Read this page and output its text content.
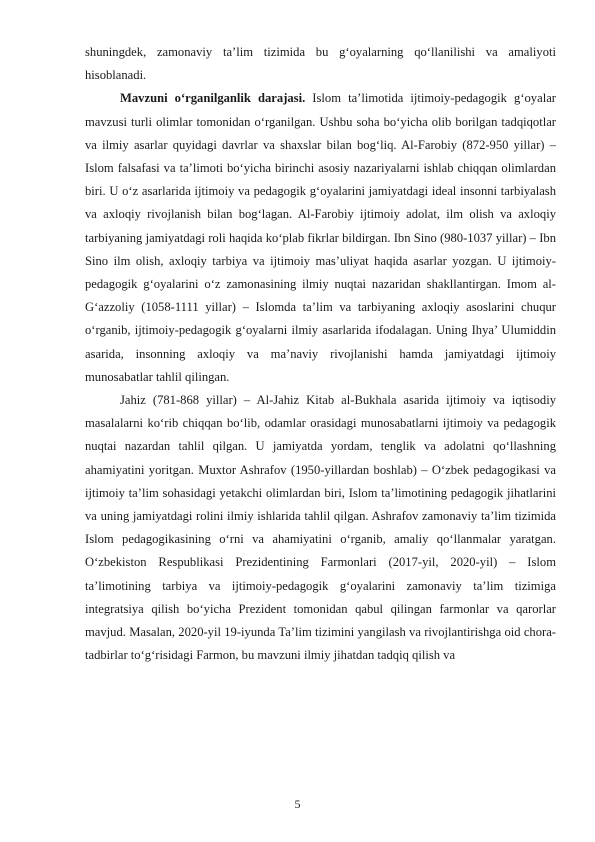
shuningdek, zamonaviy ta’lim tizimida bu g‘oyalarning qo‘llanilishi va amaliyoti hisoblanadi.

Mavzuni o‘rganilganlik darajasi. Islom ta’limotida ijtimoiy-pedagogik g‘oyalar mavzusi turli olimlar tomonidan o‘rganilgan. Ushbu soha bo‘yicha olib borilgan tadqiqotlar va ilmiy asarlar quyidagi davrlar va shaxslar bilan bog‘liq. Al-Farobiy (872-950 yillar) – Islom falsafasi va ta’limoti bo‘yicha birinchi asosiy nazariyalarni ishlab chiqqan olimlardan biri. U o‘z asarlarida ijtimoiy va pedagogik g‘oyalarini jamiyatdagi ideal insonni tarbiyalash va axloqiy rivojlanish bilan bog‘lagan. Al-Farobiy ijtimoiy adolat, ilm olish va axloqiy tarbiyaning jamiyatdagi roli haqida ko‘plab fikrlar bildirgan. Ibn Sino (980-1037 yillar) – Ibn Sino ilm olish, axloqiy tarbiya va ijtimoiy mas’uliyat haqida asarlar yozgan. U ijtimoiy-pedagogik g‘oyalarini o‘z zamonasining ilmiy nuqtai nazaridan shakllantirgan. Imom al-G‘azzoliy (1058-1111 yillar) – Islomda ta’lim va tarbiyaning axloqiy asoslarini chuqur o‘rganib, ijtimoiy-pedagogik g‘oyalarni ilmiy asarlarida ifodalagan. Uning Ihya’ Ulumiddin asarida, insonning axloqiy va ma’naviy rivojlanishi hamda jamiyatdagi ijtimoiy munosabatlar tahlil qilingan.

Jahiz (781-868 yillar) – Al-Jahiz Kitab al-Bukhala asarida ijtimoiy va iqtisodiy masalalarni ko‘rib chiqqan bo‘lib, odamlar orasidagi munosabatlarni ijtimoiy va pedagogik nuqtai nazardan tahlil qilgan. U jamiyatda yordam, tenglik va adolatni qo‘llashning ahamiyatini yoritgan. Muxtor Ashrafov (1950-yillardan boshlab) – O‘zbek pedagogikasi va ijtimoiy ta’lim sohasidagi yetakchi olimlardan biri, Islom ta’limotining pedagogik jihatlarini va uning jamiyatdagi rolini ilmiy ishlarida tahlil qilgan. Ashrafov zamonaviy ta’lim tizimida Islom pedagogikasining o‘rni va ahamiyatini o‘rganib, amaliy qo‘llanmalar yaratgan. O‘zbekiston Respublikasi Prezidentining Farmonlari (2017-yil, 2020-yil) – Islom ta’limotining tarbiya va ijtimoiy-pedagogik g‘oyalarini zamonaviy ta’lim tizimiga integratsiya qilish bo‘yicha Prezident tomonidan qabul qilingan farmonlar va qarorlar mavjud. Masalan, 2020-yil 19-iyunda Ta’lim tizimini yangilash va rivojlantirishga oid chora-tadbirlar to‘g‘risidagi Farmon, bu mavzuni ilmiy jihatdan tadqiq qilish va

5
